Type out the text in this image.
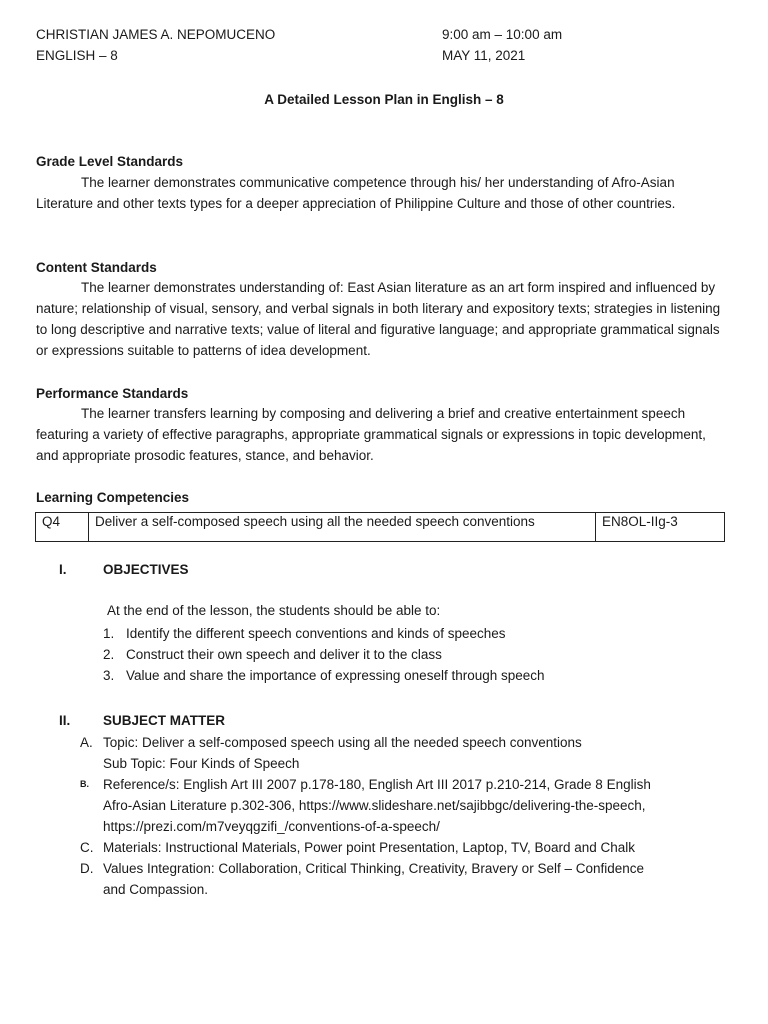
CHRISTIAN JAMES A. NEPOMUCENO	9:00 am – 10:00 am
ENGLISH – 8	MAY 11, 2021
A Detailed Lesson Plan in English – 8
Grade Level Standards

The learner demonstrates communicative competence through his/ her understanding of Afro-Asian Literature and other texts types for a deeper appreciation of Philippine Culture and those of other countries.

Content Standards

The learner demonstrates understanding of: East Asian literature as an art form inspired and influenced by nature; relationship of visual, sensory, and verbal signals in both literary and expository texts; strategies in listening to long descriptive and narrative texts; value of literal and figurative language; and appropriate grammatical signals or expressions suitable to patterns of idea development.

Performance Standards

The learner transfers learning by composing and delivering a brief and creative entertainment speech featuring a variety of effective paragraphs, appropriate grammatical signals or expressions in topic development, and appropriate prosodic features, stance, and behavior.

Learning Competencies
Q4	Deliver a self-composed speech using all the needed speech conventions	EN8OL-IIg-3
I.	OBJECTIVES
At the end of the lesson, the students should be able to:
1. Identify the different speech conventions and kinds of speeches
2. Construct their own speech and deliver it to the class
3. Value and share the importance of expressing oneself through speech
II. SUBJECT MATTER
A. Topic: Deliver a self-composed speech using all the needed speech conventions
Sub Topic: Four Kinds of Speech
B.	Reference/s: English Art III 2007 p.178-180, English Art III 2017 p.210-214, Grade 8 English
Afro-Asian Literature p.302-306, https://www.slideshare.net/sajibbgc/delivering-the-speech,
https://prezi.com/m7veyqgzifi_/conventions-of-a-speech/
C. Materials: Instructional Materials, Power point Presentation, Laptop, TV, Board and Chalk
D. Values Integration: Collaboration, Critical Thinking, Creativity, Bravery or Self – Confidence
and Compassion.
